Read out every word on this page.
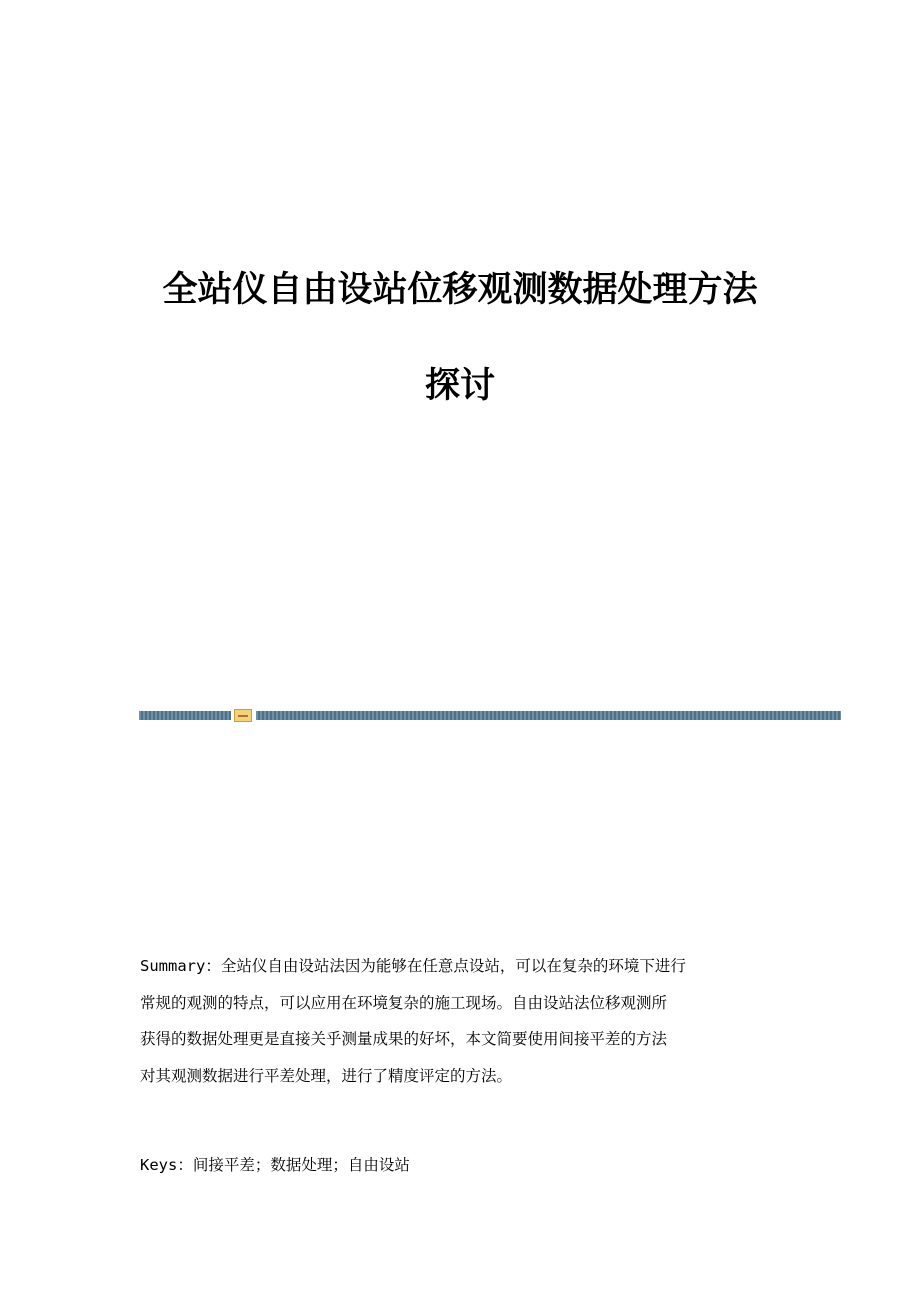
全站仪自由设站位移观测数据处理方法
探讨
Summary：全站仪自由设站法因为能够在任意点设站，可以在复杂的环境下进行
常规的观测的特点，可以应用在环境复杂的施工现场。自由设站法位移观测所
获得的数据处理更是直接关乎测量成果的好坏，本文简要使用间接平差的方法
对其观测数据进行平差处理，进行了精度评定的方法。
Keys：间接平差；数据处理；自由设站
